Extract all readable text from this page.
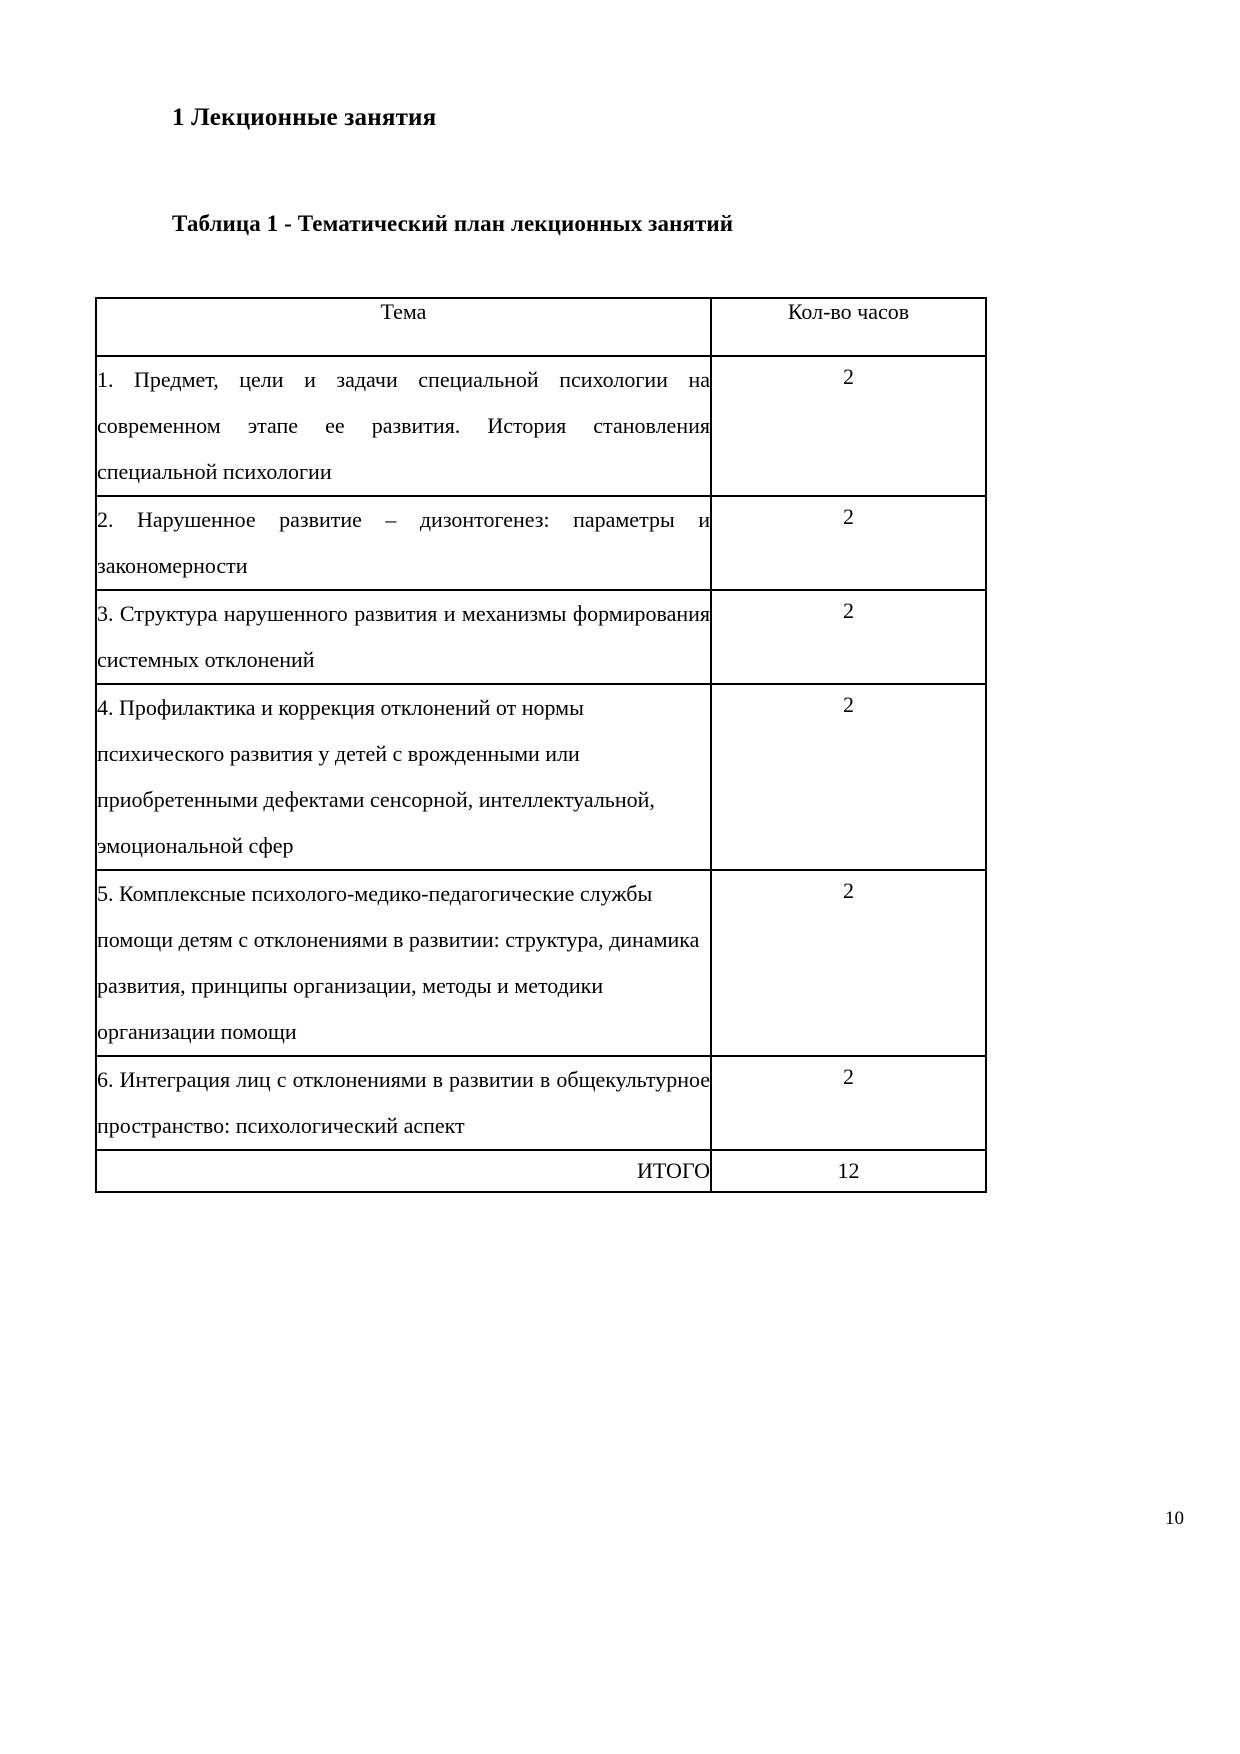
1 Лекционные занятия
Таблица 1 - Тематический план лекционных занятий
Тема	Кол-во часов
1. Предмет, цели и задачи специальной психологии на современном этапе ее развития. История становления специальной психологии	2
2. Нарушенное развитие – дизонтогенез: параметры и закономерности	2
3. Структура нарушенного развития и механизмы формирования системных отклонений	2
4. Профилактика и коррекция отклонений от нормы психического развития у детей с врожденными или приобретенными дефектами сенсорной, интеллектуальной, эмоциональной сфер	2
5. Комплексные психолого-медико-педагогические службы помощи детям с отклонениями в развитии: структура, динамика развития, принципы организации, методы и методики организации помощи	2
6. Интеграция лиц с отклонениями в развитии в общекультурное пространство: психологический аспект	2
ИТОГО	12
10
